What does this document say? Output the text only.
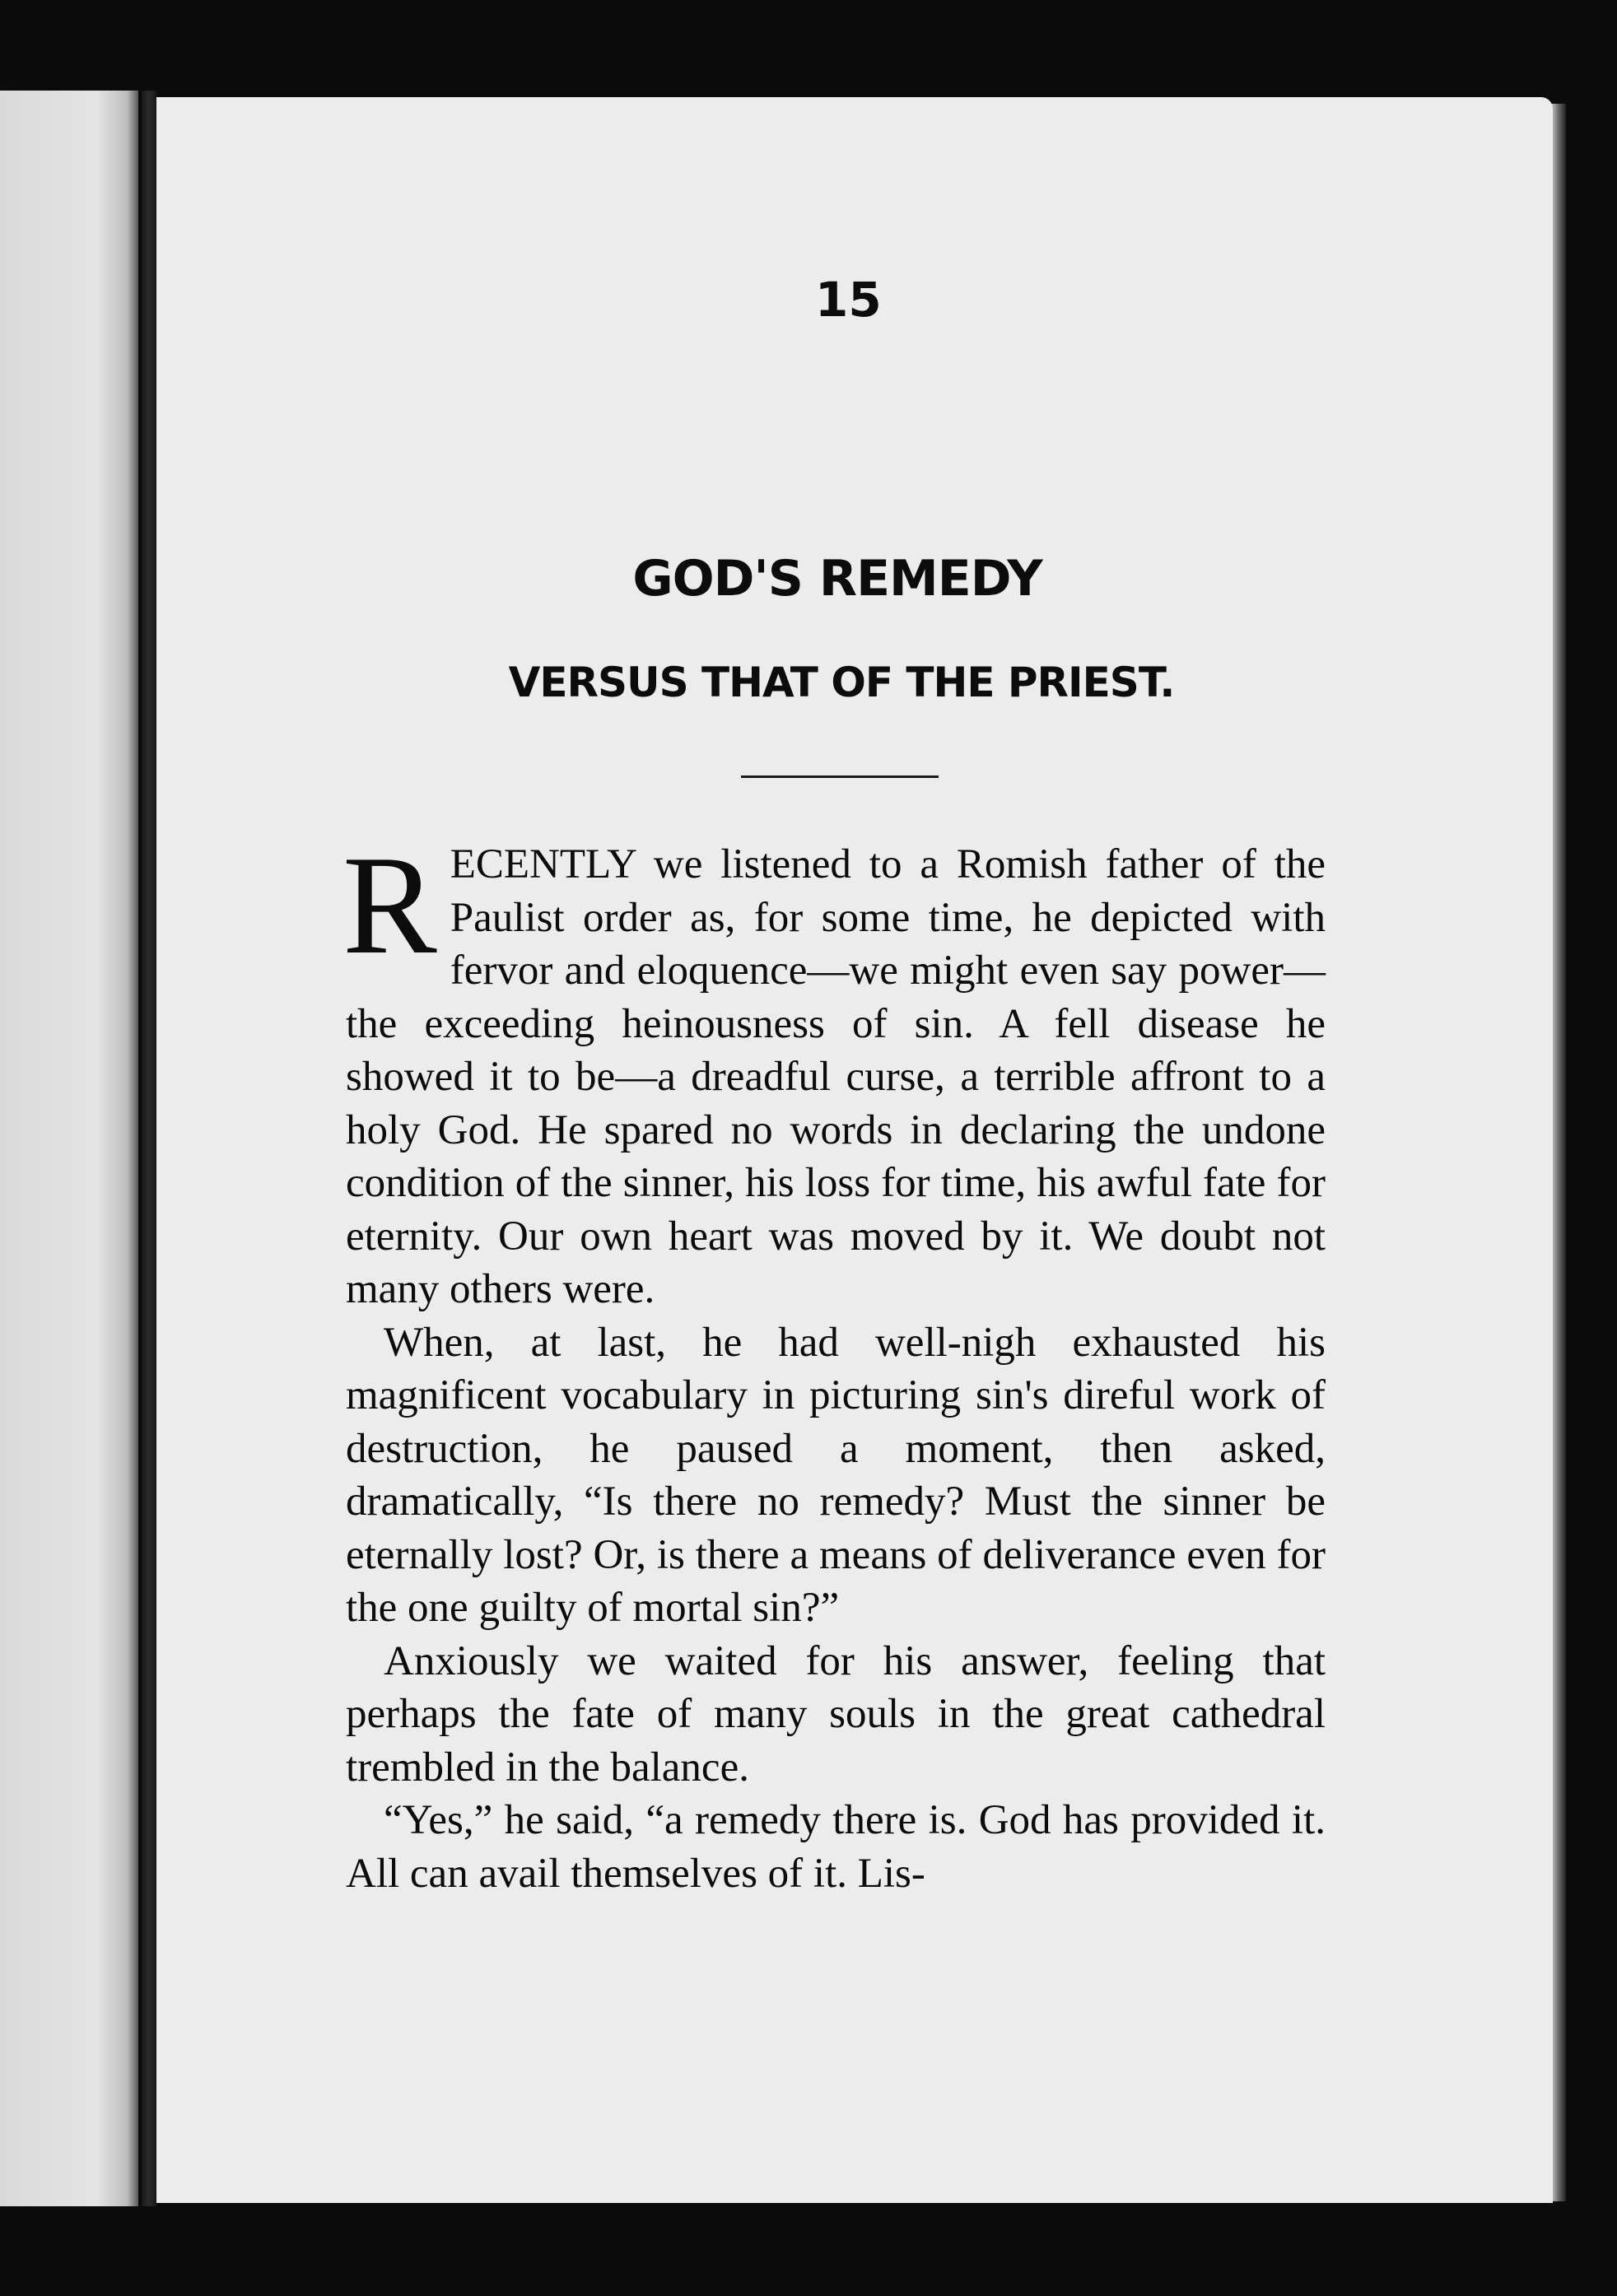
15
GOD'S REMEDY
VERSUS THAT OF THE PRIEST.

RECENTLY we listened to a Romish father of the Paulist order as, for some time, he depicted with fervor and eloquence—we might even say power—the exceeding heinousness of sin. A fell disease he showed it to be—a dreadful curse, a terrible affront to a holy God. He spared no words in declaring the undone condition of the sinner, his loss for time, his awful fate for eternity. Our own heart was moved by it. We doubt not many others were.

When, at last, he had well-nigh exhausted his magnificent vocabulary in picturing sin's direful work of destruction, he paused a moment, then asked, dramatically, “Is there no remedy? Must the sinner be eternally lost? Or, is there a means of deliverance even for the one guilty of mortal sin?”

Anxiously we waited for his answer, feeling that perhaps the fate of many souls in the great cathedral trembled in the balance.

“Yes,” he said, “a remedy there is. God has provided it. All can avail themselves of it. Lis-
